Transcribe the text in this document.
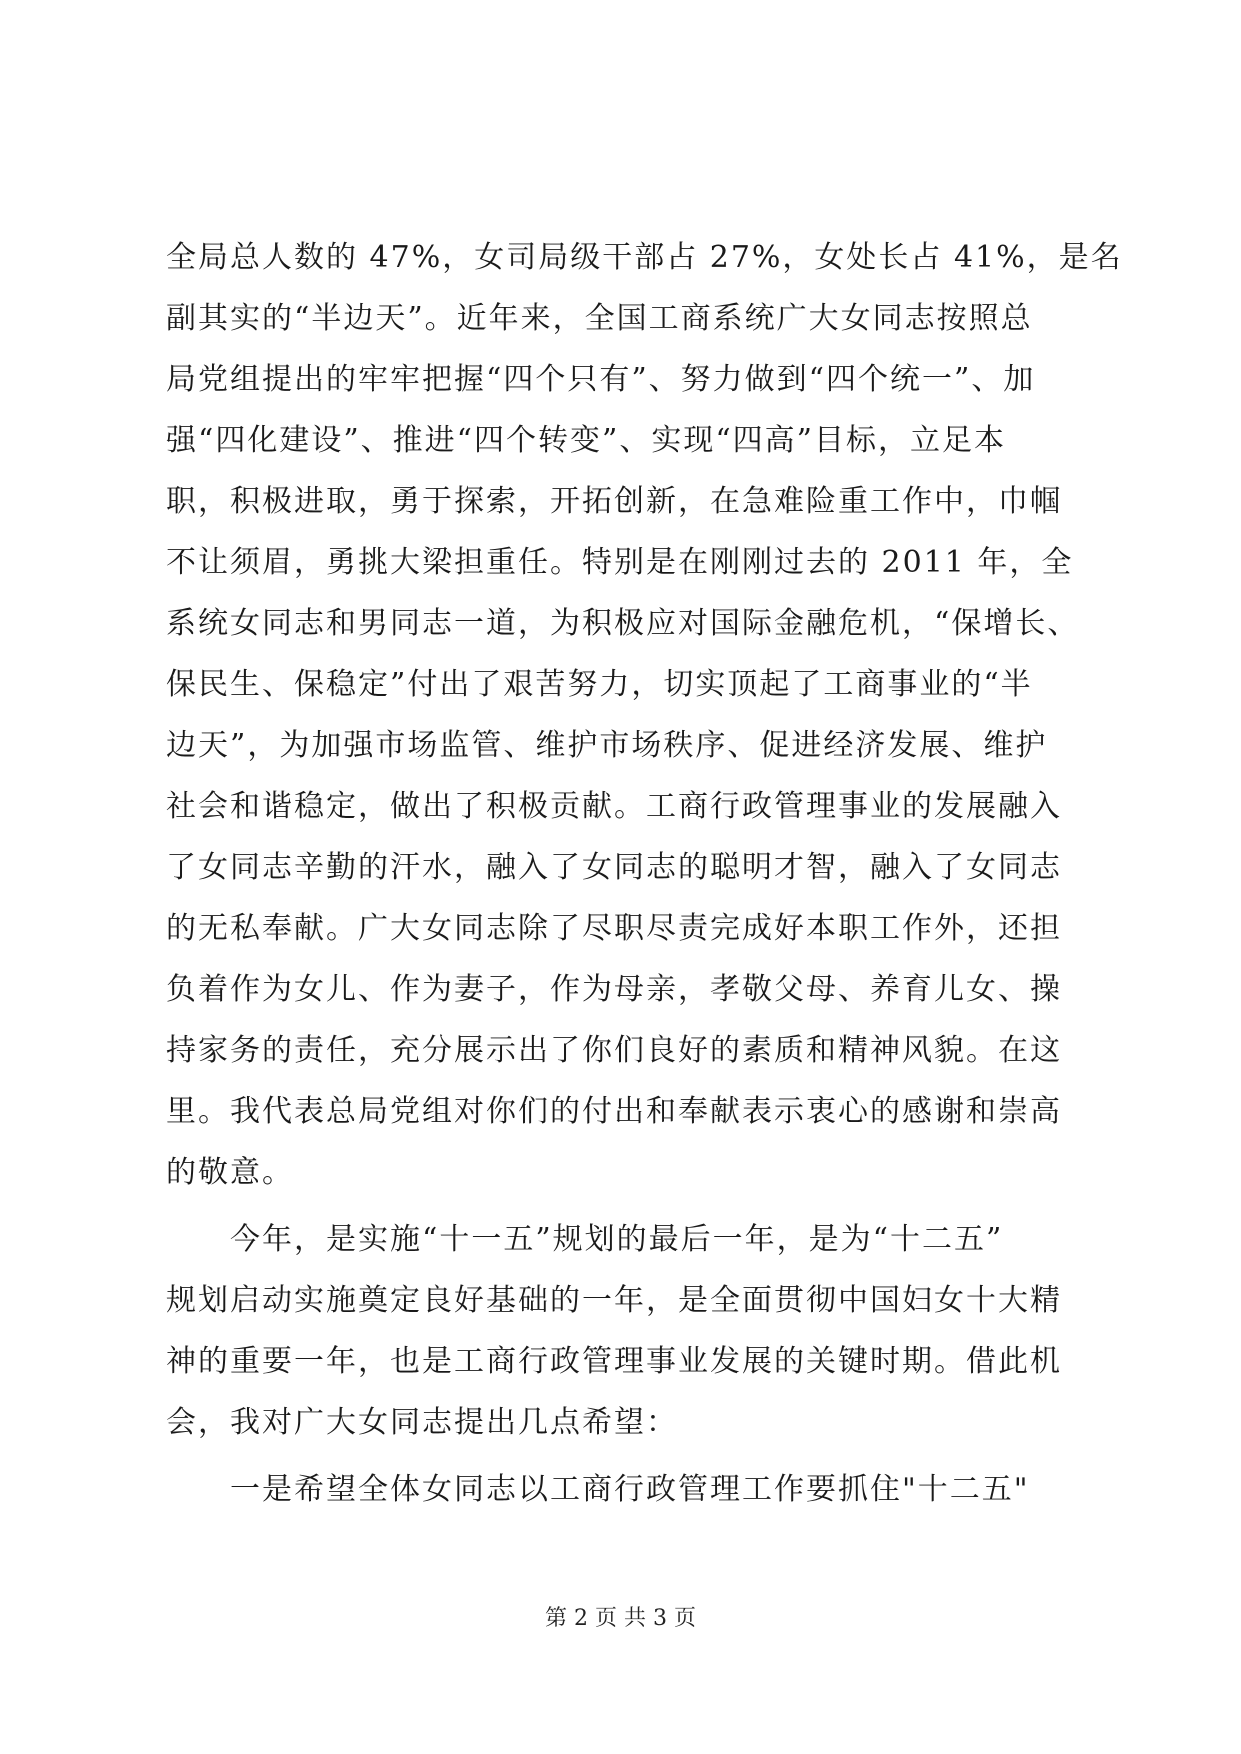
全局总人数的 47%，女司局级干部占 27%，女处长占 41%，是名
副其实的“半边天”。近年来，全国工商系统广大女同志按照总
局党组提出的牢牢把握“四个只有”、努力做到“四个统一”、加
强“四化建设”、推进“四个转变”、实现“四高”目标，立足本
职，积极进取，勇于探索，开拓创新，在急难险重工作中，巾帼
不让须眉，勇挑大梁担重任。特别是在刚刚过去的 2011 年，全
系统女同志和男同志一道，为积极应对国际金融危机，“保增长、
保民生、保稳定”付出了艰苦努力，切实顶起了工商事业的“半
边天”，为加强市场监管、维护市场秩序、促进经济发展、维护
社会和谐稳定，做出了积极贡献。工商行政管理事业的发展融入
了女同志辛勤的汗水，融入了女同志的聪明才智，融入了女同志
的无私奉献。广大女同志除了尽职尽责完成好本职工作外，还担
负着作为女儿、作为妻子，作为母亲，孝敬父母、养育儿女、操
持家务的责任，充分展示出了你们良好的素质和精神风貌。在这
里。我代表总局党组对你们的付出和奉献表示衷心的感谢和崇高
的敬意。
今年，是实施“十一五”规划的最后一年，是为“十二五”
规划启动实施奠定良好基础的一年，是全面贯彻中国妇女十大精
神的重要一年，也是工商行政管理事业发展的关键时期。借此机
会，我对广大女同志提出几点希望：
一是希望全体女同志以工商行政管理工作要抓住"十二五"
第 2 页 共 3 页
